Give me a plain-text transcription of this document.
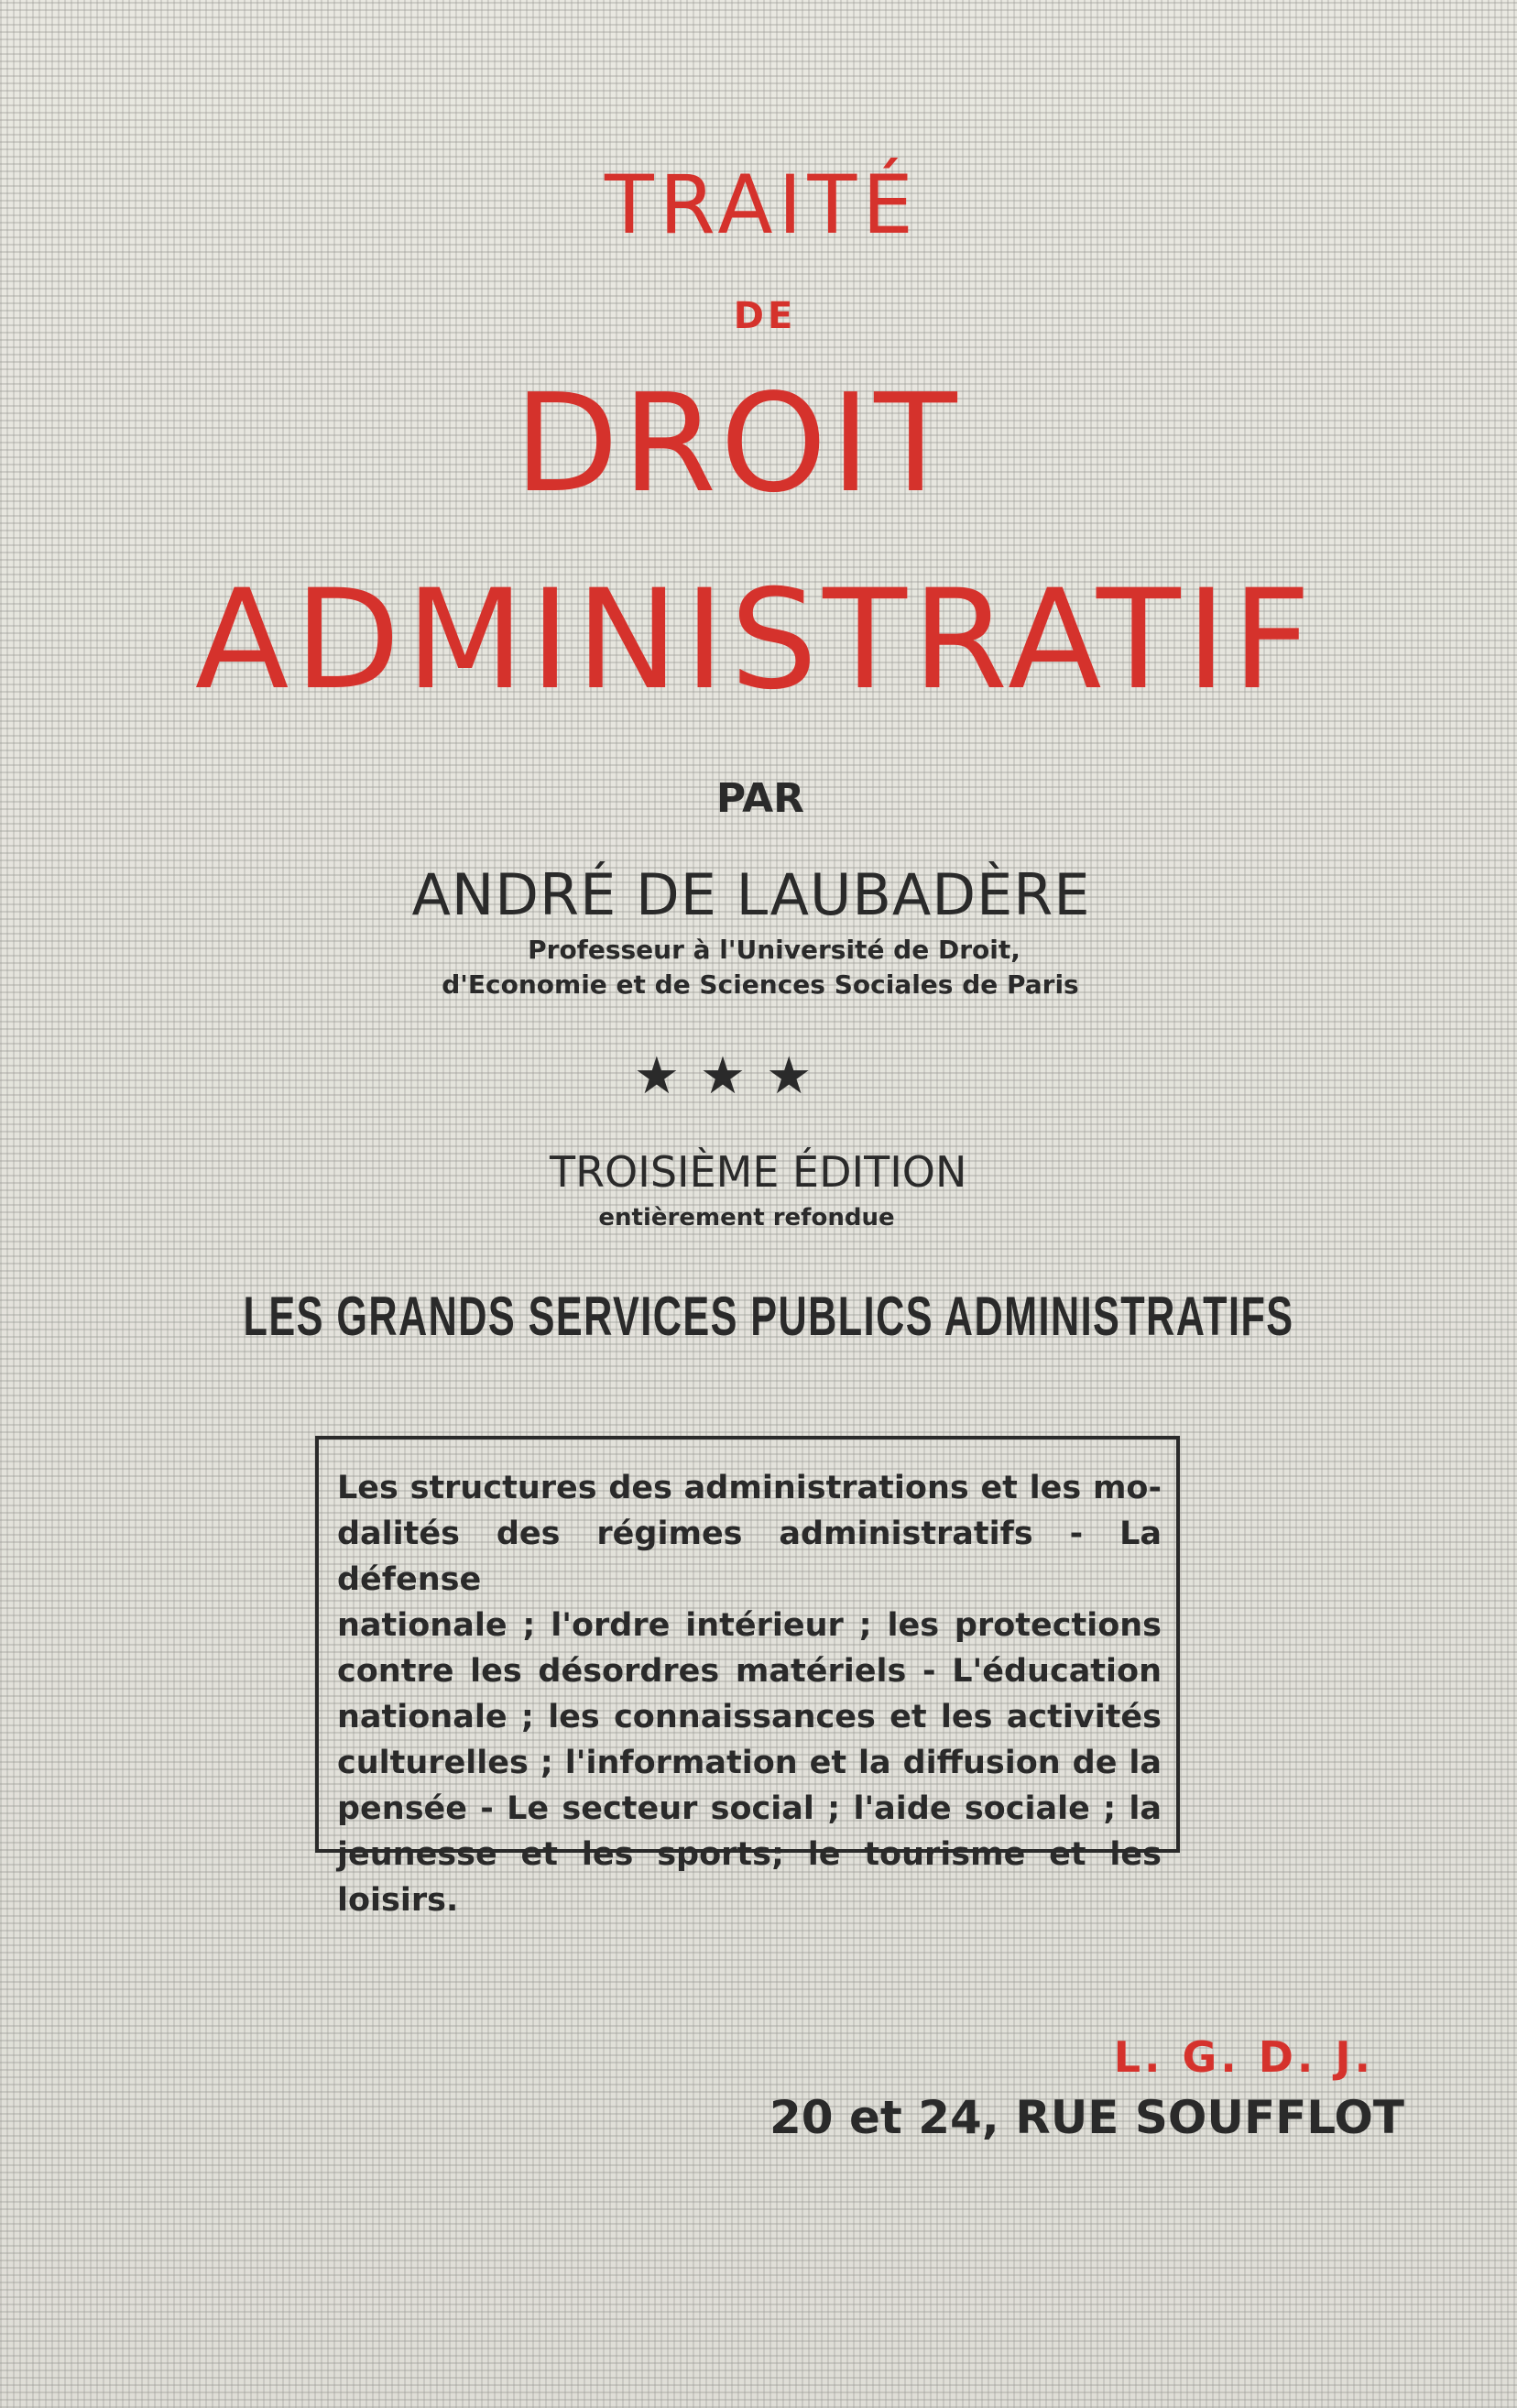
TRAITÉ
DE
DROIT
ADMINISTRATIF
PAR
ANDRÉ DE LAUBADÈRE
Professeur à l'Université de Droit,
d'Economie et de Sciences Sociales de Paris
★★★
TROISIÈME ÉDITION
entièrement refondue
LES GRANDS SERVICES PUBLICS ADMINISTRATIFS
Les structures des administrations et les mo-
dalités des régimes administratifs - La défense
nationale ; l'ordre intérieur ; les protections
contre les désordres matériels - L'éducation
nationale ; les connaissances et les activités
culturelles ; l'information et la diffusion de la
pensée - Le secteur social ; l'aide sociale ; la
jeunesse et les sports; le tourisme et les loisirs.
L. G. D. J.
20 et 24, RUE SOUFFLOT
